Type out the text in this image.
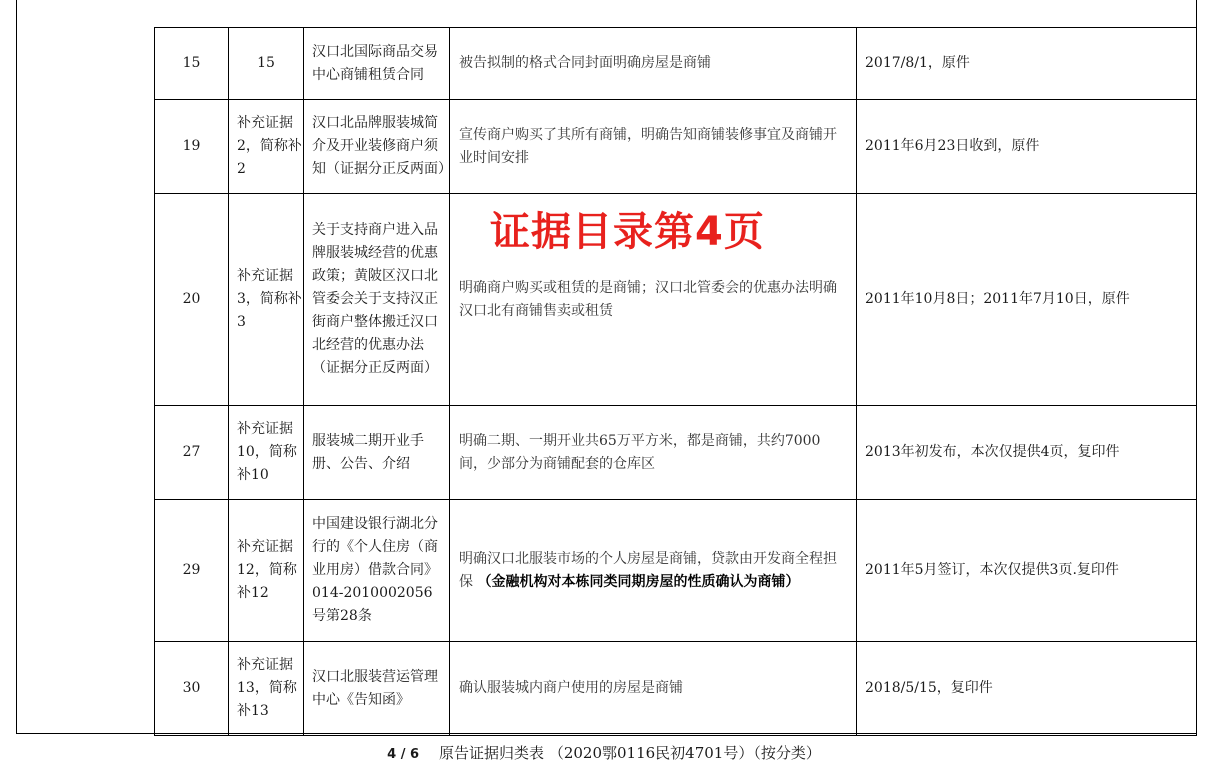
15	15	汉口北国际商品交易中心商铺租赁合同	被告拟制的格式合同封面明确房屋是商铺	2017/8/1，原件
19	补充证据2，简称补2	汉口北品牌服装城简介及开业装修商户须知（证据分正反两面）	宣传商户购买了其所有商铺，明确告知商铺装修事宜及商铺开业时间安排	2011年6月23日收到，原件
20	补充证据3，简称补3	关于支持商户进入品牌服装城经营的优惠政策；黄陂区汉口北管委会关于支持汉正街商户整体搬迁汉口北经营的优惠办法 （证据分正反两面）	明确商户购买或租赁的是商铺；汉口北管委会的优惠办法明确汉口北有商铺售卖或租赁	2011年10月8日；2011年7月10日，原件
27	补充证据10，简称补10	服装城二期开业手册、公告、介绍	明确二期、一期开业共65万平方米，都是商铺，共约7000间，少部分为商铺配套的仓库区	2013年初发布，本次仅提供4页，复印件
29	补充证据12，简称补12	中国建设银行湖北分行的《个人住房（商业用房）借款合同》014-2010002056号第28条	明确汉口北服装市场的个人房屋是商铺，贷款由开发商全程担保 （金融机构对本栋同类同期房屋的性质确认为商铺）	2011年5月签订，本次仅提供3页.复印件
30	补充证据13，简称补13	汉口北服装营运管理中心《告知函》	确认服装城内商户使用的房屋是商铺	2018/5/15，复印件
证据目录第4页
4 / 6 原告证据归类表 （2020鄂0116民初4701号）（按分类）
